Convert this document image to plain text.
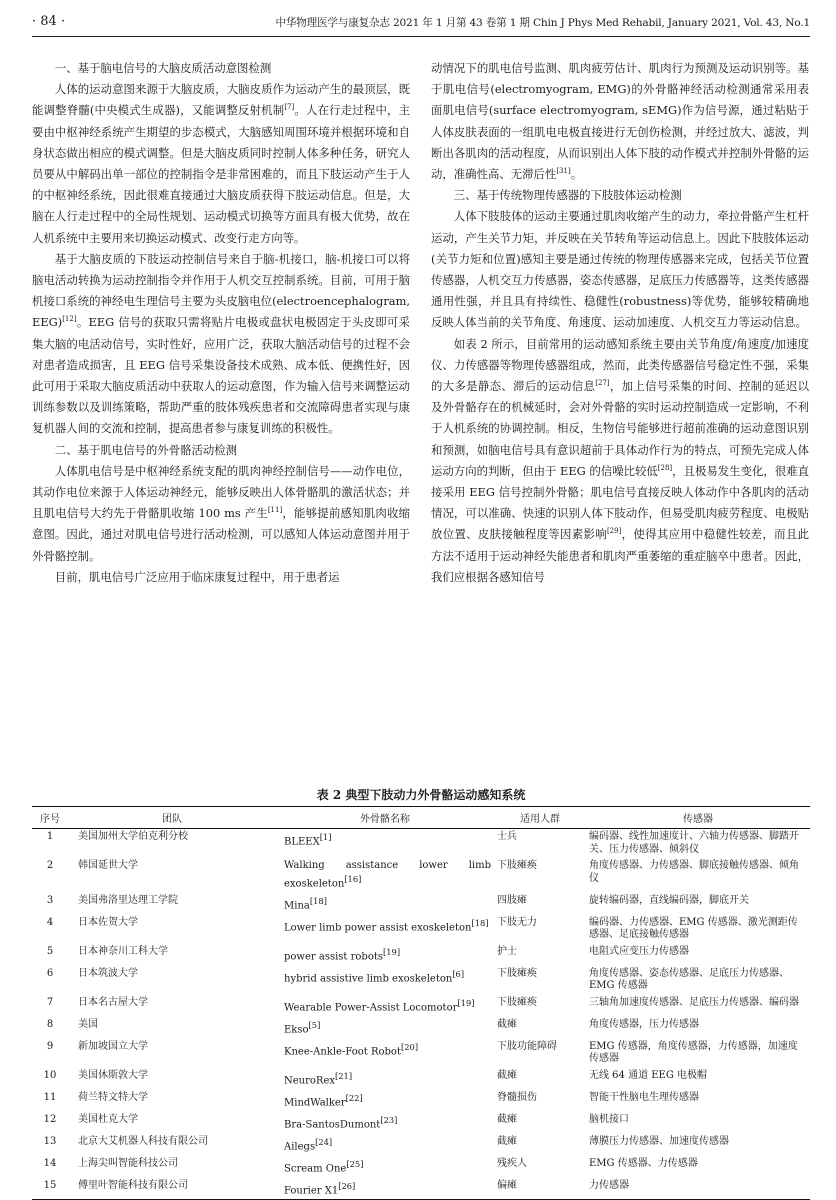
· 84 ·	中华物理医学与康复杂志 2021 年 1 月第 43 卷第 1 期 Chin J Phys Med Rehabil, January 2021, Vol. 43, No.1

一、基于脑电信号的大脑皮质活动意图检测

人体的运动意图来源于大脑皮质，大脑皮质作为运动产生的最顶层，既能调整脊髓(中央模式生成器)，又能调整反射机制[7]。人在行走过程中，主要由中枢神经系统产生期望的步态模式，大脑感知周围环境并根据环境和自身状态做出相应的模式调整。但是大脑皮质同时控制人体多种任务，研究人员要从中解码出单一部位的控制指令是非常困难的，而且下肢运动产生于人的中枢神经系统，因此很难直接通过大脑皮质获得下肢运动信息。但是，大脑在人行走过程中的全局性规划、运动模式切换等方面具有极大优势，故在人机系统中主要用来切换运动模式、改变行走方向等。

基于大脑皮质的下肢运动控制信号来自于脑-机接口，脑-机接口可以将脑电活动转换为运动控制指令并作用于人机交互控制系统。目前，可用于脑机接口系统的神经电生理信号主要为头皮脑电位(electroencephalogram, EEG)[12]。EEG 信号的获取只需将贴片电极或盘状电极固定于头皮即可采集大脑的电活动信号，实时性好，应用广泛，获取大脑活动信号的过程不会对患者造成损害，且 EEG 信号采集设备技术成熟、成本低、便携性好，因此可用于采取大脑皮质活动中获取人的运动意图，作为输入信号来调整运动训练参数以及训练策略，帮助严重的肢体残疾患者和交流障碍患者实现与康复机器人间的交流和控制，提高患者参与康复训练的积极性。

二、基于肌电信号的外骨骼活动检测

人体肌电信号是中枢神经系统支配的肌肉神经控制信号——动作电位，其动作电位来源于人体运动神经元，能够反映出人体骨骼肌的激活状态；并且肌电信号大约先于骨骼肌收缩 100 ms 产生[11]，能够提前感知肌肉收缩意图。因此，通过对肌电信号进行活动检测，可以感知人体运动意图并用于外骨骼控制。

目前，肌电信号广泛应用于临床康复过程中，用于患者运

动情况下的肌电信号监测、肌肉疲劳估计、肌肉行为预测及运动识别等。基于肌电信号(electromyogram, EMG)的外骨骼神经活动检测通常采用表面肌电信号(surface electromyogram, sEMG)作为信号源，通过粘贴于人体皮肤表面的一组肌电电极直接进行无创伤检测，并经过放大、滤波，判断出各肌肉的活动程度，从而识别出人体下肢的动作模式并控制外骨骼的运动，准确性高、无滞后性[31]。

三、基于传统物理传感器的下肢肢体运动检测

人体下肢肢体的运动主要通过肌肉收缩产生的动力，牵拉骨骼产生杠杆运动，产生关节力矩，并反映在关节转角等运动信息上。因此下肢肢体运动(关节力矩和位置)感知主要是通过传统的物理传感器来完成，包括关节位置传感器，人机交互力传感器，姿态传感器，足底压力传感器等，这类传感器通用性强，并且具有持续性、稳健性(robustness)等优势，能够较精确地反映人体当前的关节角度、角速度、运动加速度、人机交互力等运动信息。

如表 2 所示，目前常用的运动感知系统主要由关节角度/角速度/加速度仪、力传感器等物理传感器组成，然而，此类传感器信号稳定性不强，采集的大多是静态、滞后的运动信息[27]，加上信号采集的时间、控制的延迟以及外骨骼存在的机械延时，会对外骨骼的实时运动控制造成一定影响，不利于人机系统的协调控制。相反，生物信号能够进行超前准确的运动意图识别和预测，如脑电信号具有意识超前于具体动作行为的特点，可预先完成人体运动方向的判断，但由于 EEG 的信噪比较低[28]，且极易发生变化，很难直接采用 EEG 信号控制外骨骼；肌电信号直接反映人体动作中各肌肉的活动情况，可以准确、快速的识别人体下肢动作，但易受肌肉疲劳程度、电极贴放位置、皮肤接触程度等因素影响[29]，使得其应用中稳健性较差，而且此方法不适用于运动神经失能患者和肌肉严重萎缩的重症脑卒中患者。因此，我们应根据各感知信号

表 2 典型下肢动力外骨骼运动感知系统
序号	团队	外骨骼名称	适用人群	传感器
1	美国加州大学伯克利分校	BLEEX[1]	士兵	编码器、线性加速度计、六轴力传感器、脚踏开关、压力传感器、倾斜仪
2	韩国延世大学	Walking assistance lower limb exoskeleton[16]	下肢瘫痪	角度传感器、力传感器、脚底接触传感器、倾角仪
3	美国弗洛里达理工学院	Mina[18]	四肢瘫	旋转编码器，直线编码器，脚底开关
4	日本佐贺大学	Lower limb power assist exoskeleton[18]	下肢无力	编码器、力传感器、EMG 传感器、激光测距传感器、足底接触传感器
5	日本神奈川工科大学	power assist robots[19]	护士	电阻式应变压力传感器
6	日本筑波大学	hybrid assistive limb exoskeleton[6]	下肢瘫痪	角度传感器、姿态传感器、足底压力传感器、EMG 传感器
7	日本名古屋大学	Wearable Power-Assist Locomotor[19]	下肢瘫痪	三轴角加速度传感器、足底压力传感器、编码器
8	美国	Ekso[5]	截瘫	角度传感器，压力传感器
9	新加坡国立大学	Knee-Ankle-Foot Robot[20]	下肢功能障碍	EMG 传感器，角度传感器，力传感器，加速度传感器
10	美国休斯敦大学	NeuroRex[21]	截瘫	无线 64 通道 EEG 电极帽
11	荷兰特文特大学	MindWalker[22]	脊髓损伤	智能干性脑电生理传感器
12	美国杜克大学	Bra-SantosDumont[23]	截瘫	脑机接口
13	北京大艾机器人科技有限公司	Ailegs[24]	截瘫	薄膜压力传感器、加速度传感器
14	上海尖叫智能科技公司	Scream One[25]	残疾人	EMG 传感器、力传感器
15	傅里叶智能科技有限公司	Fourier X1[26]	偏瘫	力传感器
